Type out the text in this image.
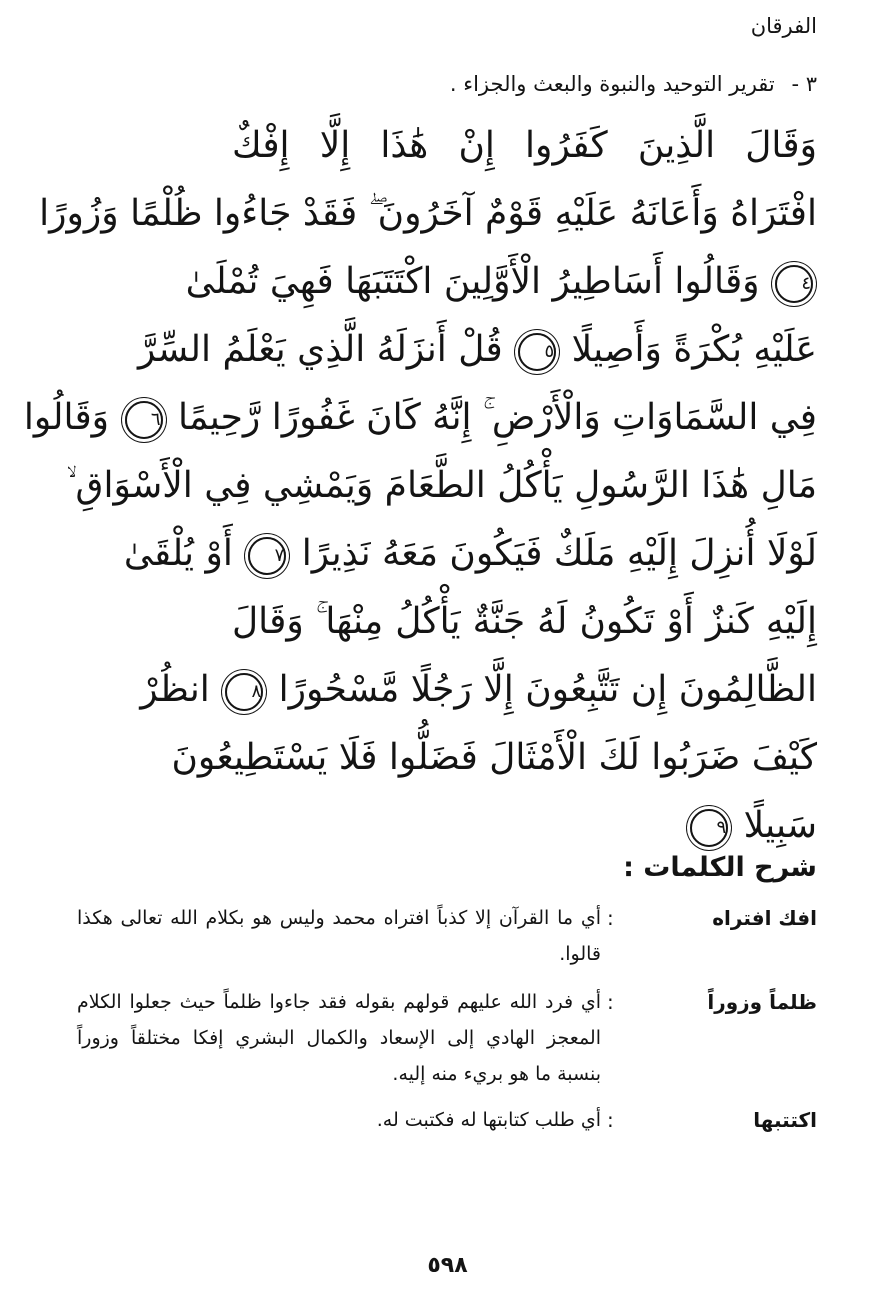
الفرقان
٣ - تقرير التوحيد والنبوة والبعث والجزاء .
وَقَالَ الَّذِينَ كَفَرُوا إِنْ هَٰذَا إِلَّا إِفْكٌ
افْتَرَاهُ وَأَعَانَهُ عَلَيْهِ قَوْمٌ آخَرُونَ ۖ فَقَدْ جَاءُوا ظُلْمًا وَزُورًا
٤ وَقَالُوا أَسَاطِيرُ الْأَوَّلِينَ اكْتَتَبَهَا فَهِيَ تُمْلَىٰ
عَلَيْهِ بُكْرَةً وَأَصِيلًا ٥ قُلْ أَنزَلَهُ الَّذِي يَعْلَمُ السِّرَّ
فِي السَّمَاوَاتِ وَالْأَرْضِ ۚ إِنَّهُ كَانَ غَفُورًا رَّحِيمًا ٦ وَقَالُوا
مَالِ هَٰذَا الرَّسُولِ يَأْكُلُ الطَّعَامَ وَيَمْشِي فِي الْأَسْوَاقِ ۙ
لَوْلَا أُنزِلَ إِلَيْهِ مَلَكٌ فَيَكُونَ مَعَهُ نَذِيرًا ٧ أَوْ يُلْقَىٰ
إِلَيْهِ كَنزٌ أَوْ تَكُونُ لَهُ جَنَّةٌ يَأْكُلُ مِنْهَا ۚ وَقَالَ
الظَّالِمُونَ إِن تَتَّبِعُونَ إِلَّا رَجُلًا مَّسْحُورًا ٨ انظُرْ
كَيْفَ ضَرَبُوا لَكَ الْأَمْثَالَ فَضَلُّوا فَلَا يَسْتَطِيعُونَ
سَبِيلًا ٩
شرح الكلمات :
افك افتراه
:
أي ما القرآن إلا كذباً افتراه محمد وليس هو بكلام الله تعالى هكذا قالوا.
ظلماً وزوراً
:
أي فرد الله عليهم قولهم بقوله فقد جاءوا ظلماً حيث جعلوا الكلام المعجز الهادي إلى الإسعاد والكمال البشري إفكا مختلقاً وزوراً بنسبة ما هو بريء منه إليه.
اكتتبها
:
أي طلب كتابتها له فكتبت له.
٥٩٨
